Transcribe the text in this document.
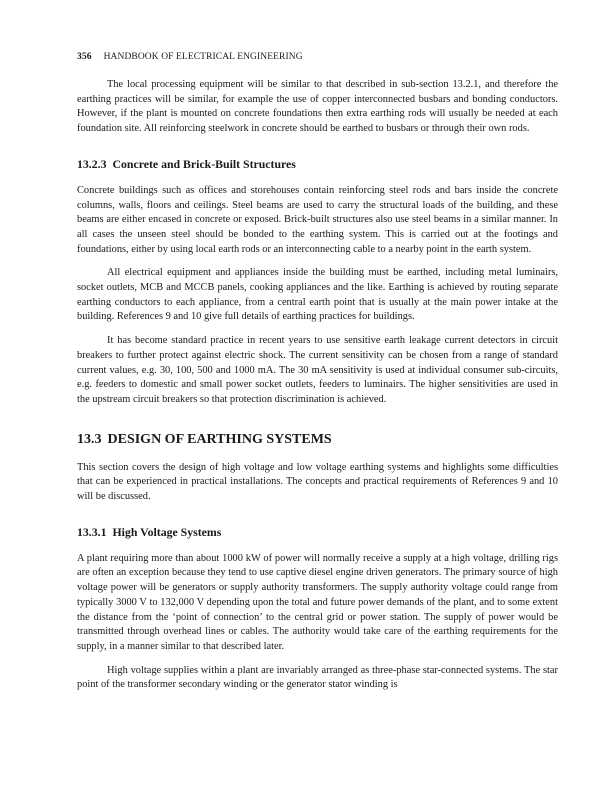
356 HANDBOOK OF ELECTRICAL ENGINEERING

The local processing equipment will be similar to that described in sub-section 13.2.1, and therefore the earthing practices will be similar, for example the use of copper interconnected busbars and bonding conductors. However, if the plant is mounted on concrete foundations then extra earthing rods will usually be needed at each foundation site. All reinforcing steelwork in concrete should be earthed to busbars or through their own rods.

13.2.3 Concrete and Brick-Built Structures

Concrete buildings such as offices and storehouses contain reinforcing steel rods and bars inside the concrete columns, walls, floors and ceilings. Steel beams are used to carry the structural loads of the building, and these beams are either encased in concrete or exposed. Brick-built structures also use steel beams in a similar manner. In all cases the unseen steel should be bonded to the earthing system. This is carried out at the footings and foundations, either by using local earth rods or an interconnecting cable to a nearby point in the earth system.

All electrical equipment and appliances inside the building must be earthed, including metal luminairs, socket outlets, MCB and MCCB panels, cooking appliances and the like. Earthing is achieved by routing separate earthing conductors to each appliance, from a central earth point that is usually at the main power intake at the building. References 9 and 10 give full details of earthing practices for buildings.

It has become standard practice in recent years to use sensitive earth leakage current detectors in circuit breakers to further protect against electric shock. The current sensitivity can be chosen from a range of standard current values, e.g. 30, 100, 500 and 1000 mA. The 30 mA sensitivity is used at individual consumer sub-circuits, e.g. feeders to domestic and small power socket outlets, feeders to luminairs. The higher sensitivities are used in the upstream circuit breakers so that protection discrimination is achieved.

13.3 DESIGN OF EARTHING SYSTEMS

This section covers the design of high voltage and low voltage earthing systems and highlights some difficulties that can be experienced in practical installations. The concepts and practical requirements of References 9 and 10 will be discussed.

13.3.1 High Voltage Systems

A plant requiring more than about 1000 kW of power will normally receive a supply at a high voltage, drilling rigs are often an exception because they tend to use captive diesel engine driven generators. The primary source of high voltage power will be generators or supply authority transformers. The supply authority voltage could range from typically 3000 V to 132,000 V depending upon the total and future power demands of the plant, and to some extent the distance from the ‘point of connection’ to the central grid or power station. The supply of power would be transmitted through overhead lines or cables. The authority would take care of the earthing requirements for the supply, in a manner similar to that described later.

High voltage supplies within a plant are invariably arranged as three-phase star-connected systems. The star point of the transformer secondary winding or the generator stator winding is
